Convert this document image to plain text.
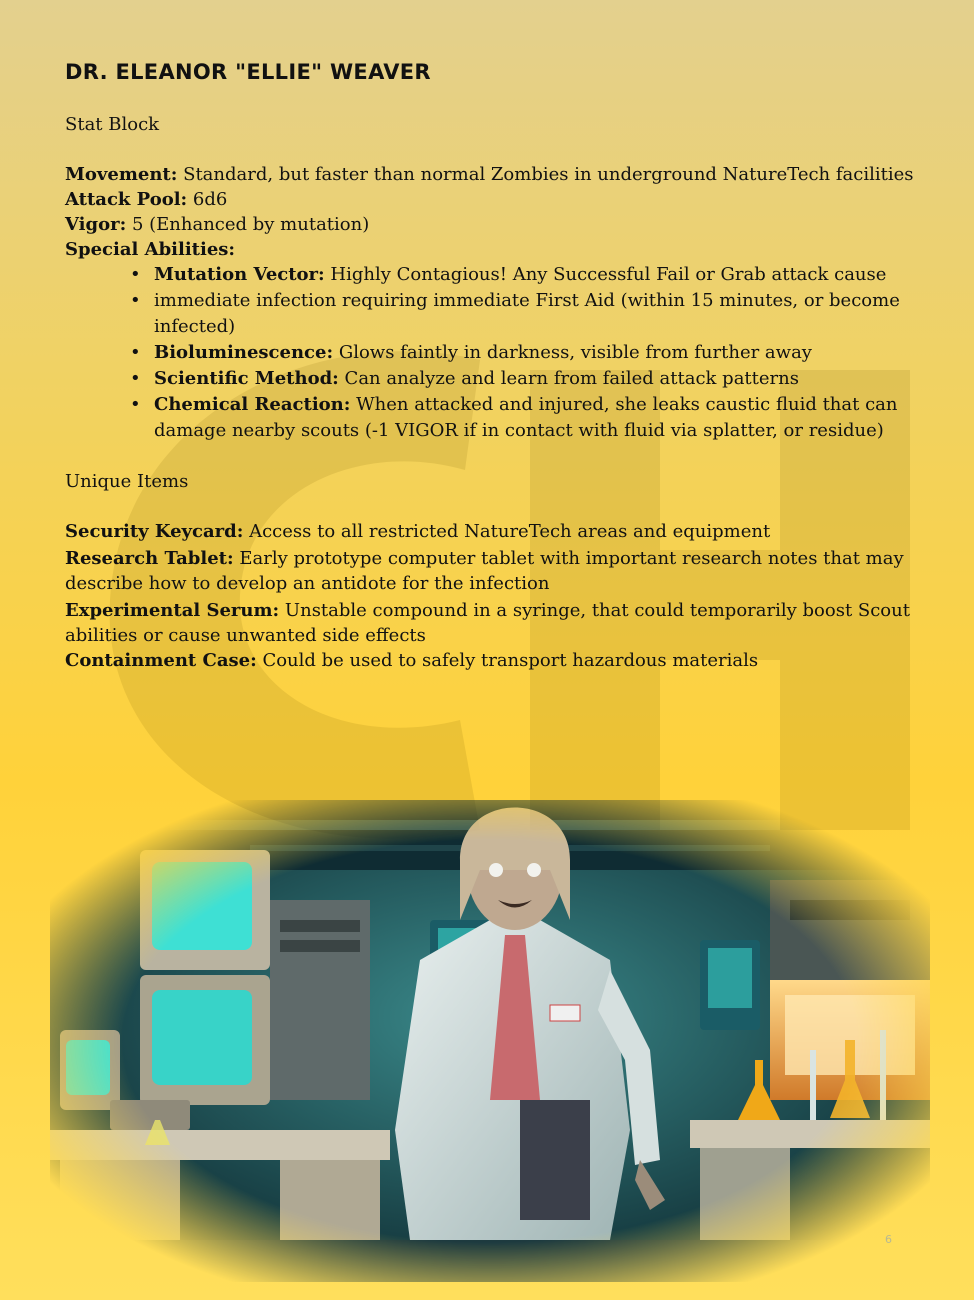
DR. ELEANOR "ELLIE" WEAVER

Stat Block

Movement: Standard, but faster than normal Zombies in underground NatureTech facilities

Attack Pool: 6d6

Vigor: 5 (Enhanced by mutation)

Special Abilities:

• Mutation Vector: Highly Contagious! Any Successful Fail or Grab attack cause
• immediate infection requiring immediate First Aid (within 15 minutes, or become infected)
• Bioluminescence: Glows faintly in darkness, visible from further away
• Scientific Method: Can analyze and learn from failed attack patterns
• Chemical Reaction: When attacked and injured, she leaks caustic fluid that can damage nearby scouts (-1 VIGOR if in contact with fluid via splatter, or residue)

Unique Items

Security Keycard: Access to all restricted NatureTech areas and equipment

Research Tablet: Early prototype computer tablet with important research notes that may describe how to develop an antidote for the infection

Experimental Serum: Unstable compound in a syringe, that could temporarily boost Scout abilities or cause unwanted side effects

Containment Case: Could be used to safely transport hazardous materials

6
